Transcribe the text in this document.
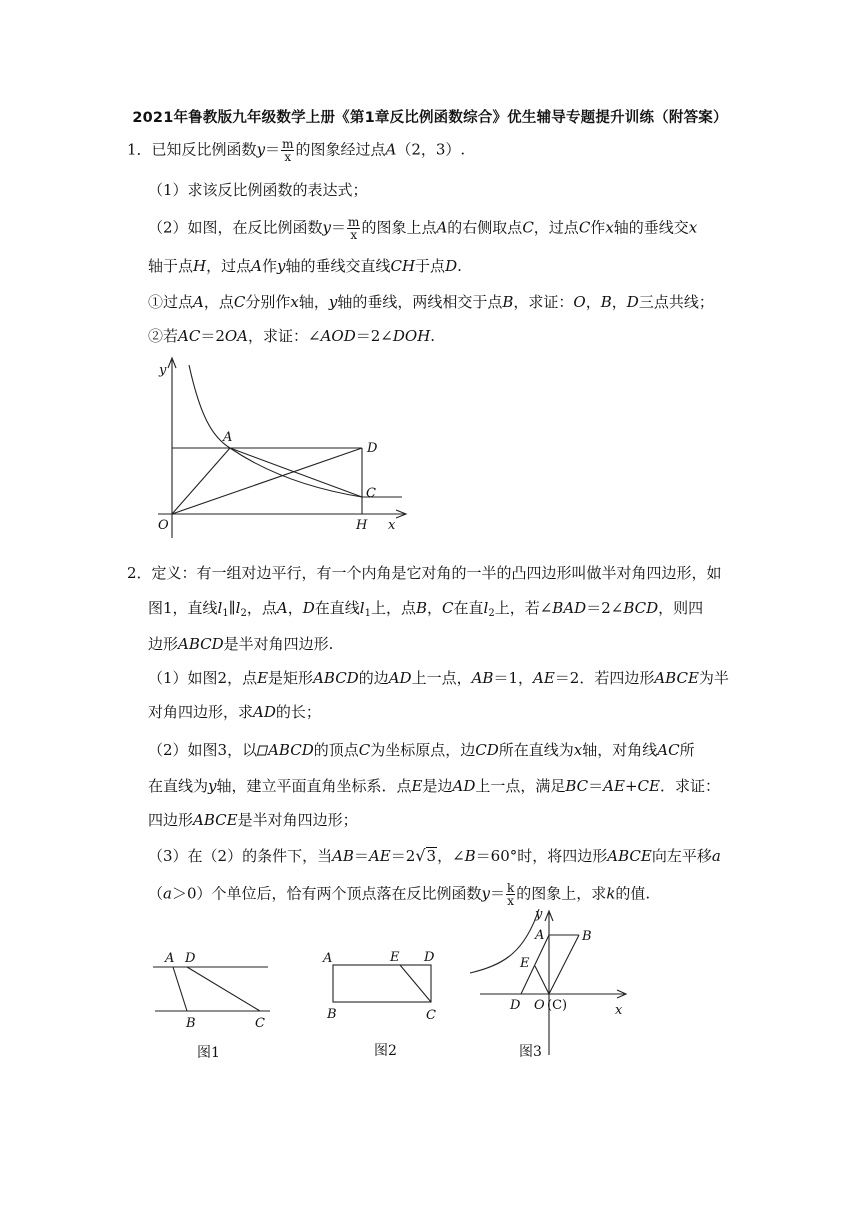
2021年鲁教版九年级数学上册《第1章反比例函数综合》优生辅导专题提升训练（附答案）
1．已知反比例函数$y= \frac{m}{x}$ 的图象经过点A（2，3）.
（1）求该反比例函数的表达式；
（2）如图，在反比例函数$y= \frac{m}{x}$ 的图象上点A的右侧取点C，过点C作x轴的垂线交x
轴于点H，过点A作y轴的垂线交直线CH于点D.
①过点A，点C分别作x轴，y轴的垂线，两线相交于点B，求证：O，B，D三点共线；
②若AC＝2OA，求证：∠AOD＝2∠DOH.
y
x
O
A
D
C
H
2．定义：有一组对边平行，有一个内角是它对角的一半的凸四边形叫做半对角四边形，如
图1，直线$l_1\parallel l_2$，点A，D在直线$l_1$上，点B，C在直$l_2$上，若∠BAD＝2∠BCD，则四
边形ABCD是半对角四边形.
（1）如图2，点E是矩形ABCD的边AD上一点，AB＝1，AE＝2．若四边形ABCE为半
对角四边形，求AD的长；
（2）如图3，以 ABCD的顶点C为坐标原点，边CD所在直线为x轴，对角线AC所
在直线为y轴，建立平面直角坐标系．点E是边AD上一点，满足BC＝AE+CE．求证：
四边形ABCE是半对角四边形；
（3）在（2）的条件下，当AB＝AE＝2√3，∠B＝60°时，将四边形ABCE向左平移a
（a＞0）个单位后，恰有两个顶点落在反比例函数$y= \frac{k}{x}$ 的图象上，求k的值.
A D
B	C
图1
A	E D
B	C
图2
y
A	B
E
D O	x
(C)
图3
